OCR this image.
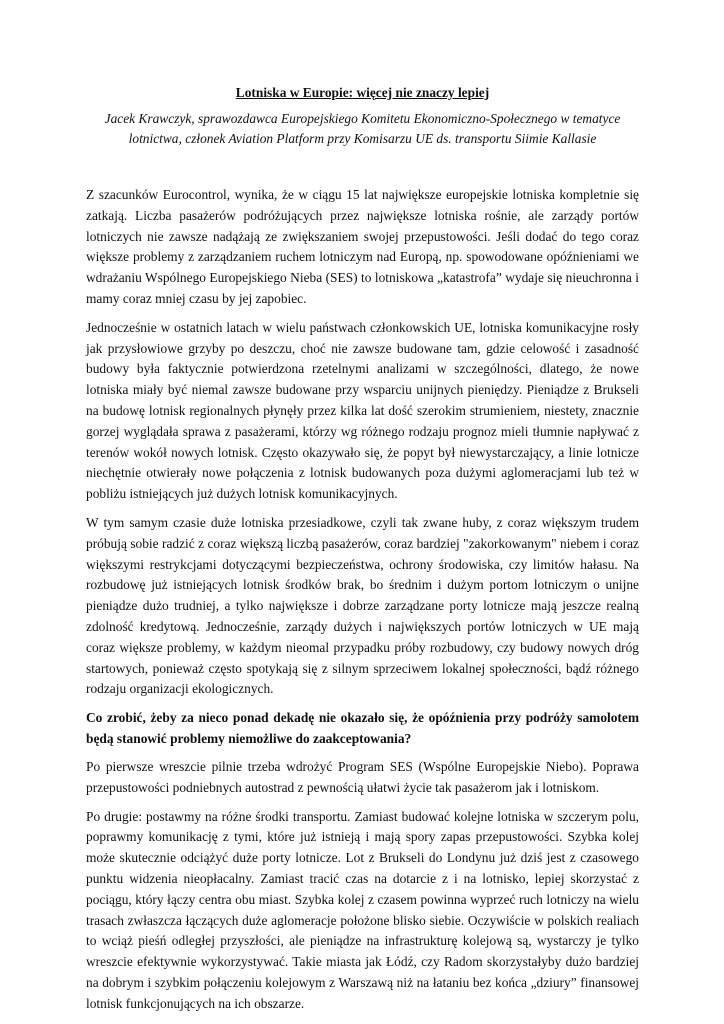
Lotniska w Europie: więcej nie znaczy lepiej

Jacek Krawczyk, sprawozdawca Europejskiego Komitetu Ekonomiczno-Społecznego w tematyce lotnictwa, członek Aviation Platform przy Komisarzu UE ds. transportu Siimie Kallasie

Z szacunków Eurocontrol, wynika, że w ciągu 15 lat największe europejskie lotniska kompletnie się zatkają. Liczba pasażerów podróżujących przez największe lotniska rośnie, ale zarządy portów lotniczych nie zawsze nadążają ze zwiększaniem swojej przepustowości. Jeśli dodać do tego coraz większe problemy z zarządzaniem ruchem lotniczym nad Europą, np. spowodowane opóźnieniami we wdrażaniu Wspólnego Europejskiego Nieba (SES) to lotniskowa „katastrofa” wydaje się nieuchronna i mamy coraz mniej czasu by jej zapobiec.

Jednocześnie w ostatnich latach w wielu państwach członkowskich UE, lotniska komunikacyjne rosły jak przysłowiowe grzyby po deszczu, choć nie zawsze budowane tam, gdzie celowość i zasadność budowy była faktycznie potwierdzona rzetelnymi analizami w szczególności, dlatego, że nowe lotniska miały być niemal zawsze budowane przy wsparciu unijnych pieniędzy. Pieniądze z Brukseli na budowę lotnisk regionalnych płynęły przez kilka lat dość szerokim strumieniem, niestety, znacznie gorzej wyglądała sprawa z pasażerami, którzy wg różnego rodzaju prognoz mieli tłumnie napływać z terenów wokół nowych lotnisk. Często okazywało się, że popyt był niewystarczający, a linie lotnicze niechętnie otwierały nowe połączenia z lotnisk budowanych poza dużymi aglomeracjami lub też w pobliżu istniejących już dużych lotnisk komunikacyjnych.

W tym samym czasie duże lotniska przesiadkowe, czyli tak zwane huby, z coraz większym trudem próbują sobie radzić z coraz większą liczbą pasażerów, coraz bardziej "zakorkowanym" niebem i coraz większymi restrykcjami dotyczącymi bezpieczeństwa, ochrony środowiska, czy limitów hałasu. Na rozbudowę już istniejących lotnisk środków brak, bo średnim i dużym portom lotniczym o unijne pieniądze dużo trudniej, a tylko największe i dobrze zarządzane porty lotnicze mają jeszcze realną zdolność kredytową. Jednocześnie, zarządy dużych i największych portów lotniczych w UE mają coraz większe problemy, w każdym nieomal przypadku próby rozbudowy, czy budowy nowych dróg startowych, ponieważ często spotykają się z silnym sprzeciwem lokalnej społeczności, bądź różnego rodzaju organizacji ekologicznych.

Co zrobić, żeby za nieco ponad dekadę nie okazało się, że opóźnienia przy podróży samolotem będą stanowić problemy niemożliwe do zaakceptowania?

Po pierwsze wreszcie pilnie trzeba wdrożyć Program SES (Wspólne Europejskie Niebo). Poprawa przepustowości podniebnych autostrad z pewnością ułatwi życie tak pasażerom jak i lotniskom.

Po drugie: postawmy na różne środki transportu. Zamiast budować kolejne lotniska w szczerym polu, poprawmy komunikację z tymi, które już istnieją i mają spory zapas przepustowości. Szybka kolej może skutecznie odciążyć duże porty lotnicze. Lot z Brukseli do Londynu już dziś jest z czasowego punktu widzenia nieopłacalny. Zamiast tracić czas na dotarcie z i na lotnisko, lepiej skorzystać z pociągu, który łączy centra obu miast. Szybka kolej z czasem powinna wyprzeć ruch lotniczy na wielu trasach zwłaszcza łączących duże aglomeracje położone blisko siebie. Oczywiście w polskich realiach to wciąż pieśń odległej przyszłości, ale pieniądze na infrastrukturę kolejową są, wystarczy je tylko wreszcie efektywnie wykorzystywać. Takie miasta jak Łódź, czy Radom skorzystałyby dużo bardziej na dobrym i szybkim połączeniu kolejowym z Warszawą niż na łataniu bez końca „dziury” finansowej lotnisk funkcjonujących na ich obszarze.
